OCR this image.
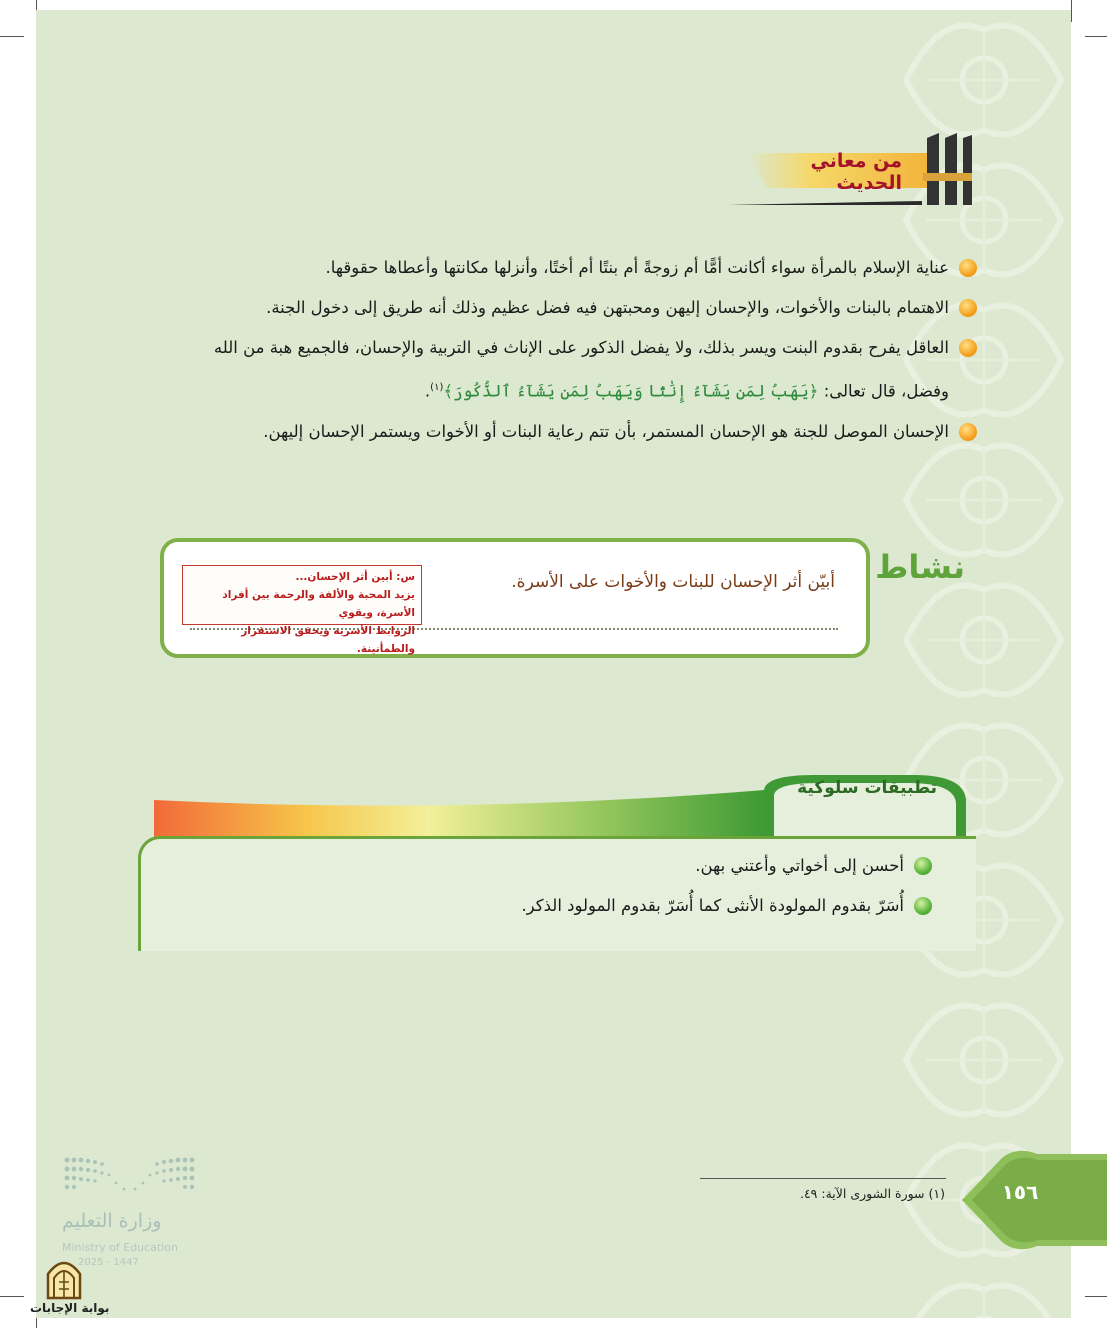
من معاني الحديث
عناية الإسلام بالمرأة سواء أكانت أمًّا أم زوجةً أم بنتًا أم أختًا، وأنزلها مكانتها وأعطاها حقوقها.
الاهتمام بالبنات والأخوات، والإحسان إليهن ومحبتهن فيه فضل عظيم وذلك أنه طريق إلى دخول الجنة.
العاقل يفرح بقدوم البنت ويسر بذلك، ولا يفضل الذكور على الإناث في التربية والإحسان، فالجميع هبة من الله
وفضل، قال تعالى: ﴿يَهَبُ لِمَن يَشَآءُ إِنَٰثًا وَيَهَبُ لِمَن يَشَآءُ ٱلذُّكُورَ﴾$^{(١)}$.
الإحسان الموصل للجنة هو الإحسان المستمر، بأن تتم رعاية البنات أو الأخوات ويستمر الإحسان إليهن.
نشاط
أبيّن أثر الإحسان للبنات والأخوات على الأسرة.
س: أبين أثر الإحسان...
يزيد المحبة والألفة والرحمة بين أفراد الأسرة، ويقوي
الروابط الأسرية ويحقق الاستقرار والطمأنينة.
تطبيقات سلوكية
أحسن إلى أخواتي وأعتني بهن.
أُسَرّ بقدوم المولودة الأنثى كما أُسَرّ بقدوم المولود الذكر.
(١) سورة الشورى الآية: ٤٩.	١٥٦
وزارة التعليم
Ministry of Education
2025 - 1447
بوابة الإجابات
